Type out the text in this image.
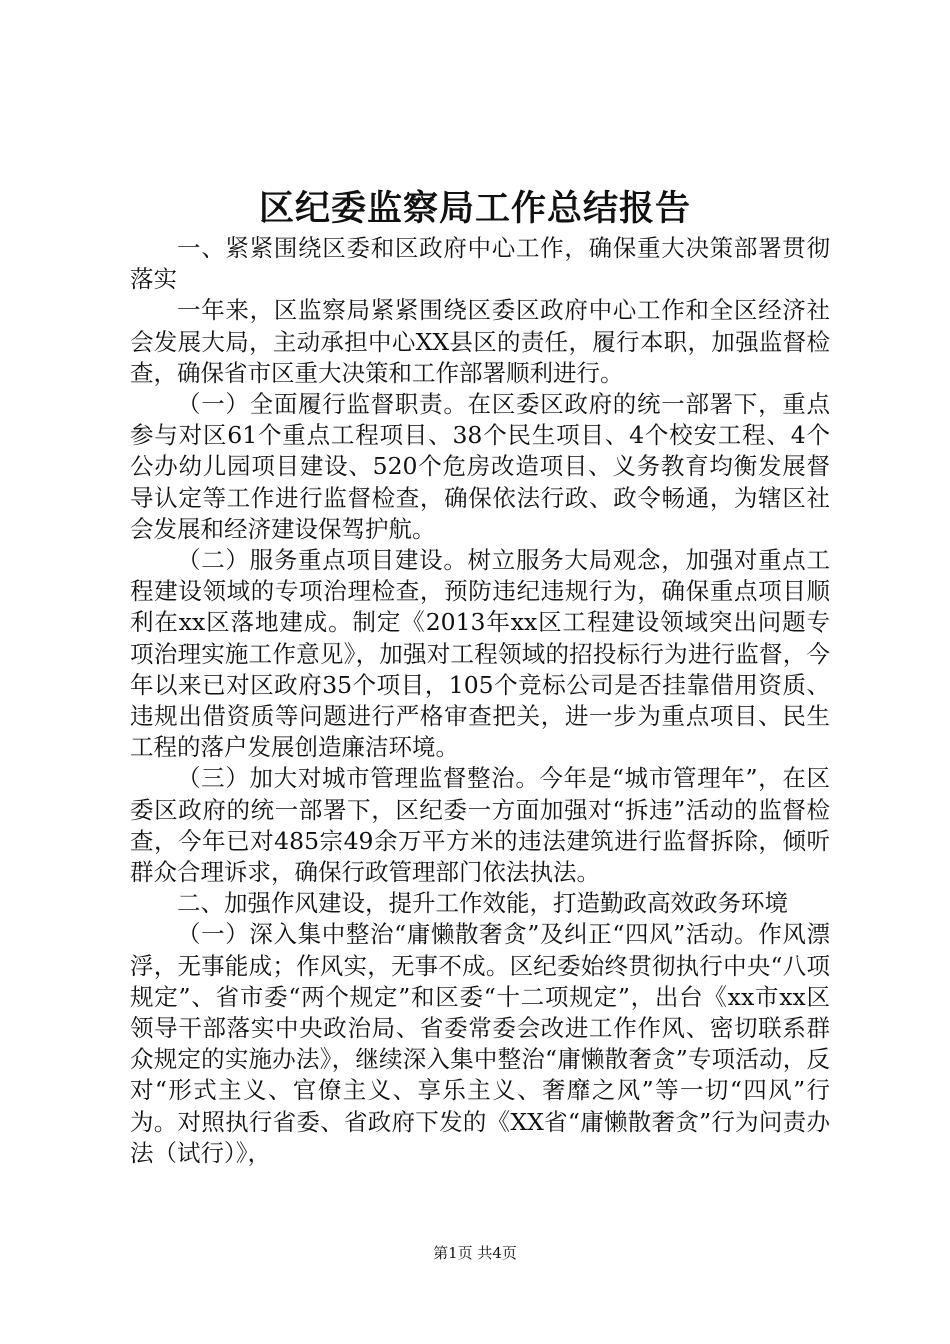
区纪委监察局工作总结报告

一、紧紧围绕区委和区政府中心工作，确保重大决策部署贯彻落实

一年来，区监察局紧紧围绕区委区政府中心工作和全区经济社会发展大局，主动承担中心XX县区的责任，履行本职，加强监督检查，确保省市区重大决策和工作部署顺利进行。

（一）全面履行监督职责。在区委区政府的统一部署下，重点参与对区61个重点工程项目、38个民生项目、4个校安工程、4个公办幼儿园项目建设、520个危房改造项目、义务教育均衡发展督导认定等工作进行监督检查，确保依法行政、政令畅通，为辖区社会发展和经济建设保驾护航。

（二）服务重点项目建设。树立服务大局观念，加强对重点工程建设领域的专项治理检查，预防违纪违规行为，确保重点项目顺利在xx区落地建成。制定《2013年xx区工程建设领域突出问题专项治理实施工作意见》，加强对工程领域的招投标行为进行监督，今年以来已对区政府35个项目，105个竞标公司是否挂靠借用资质、违规出借资质等问题进行严格审查把关，进一步为重点项目、民生工程的落户发展创造廉洁环境。

（三）加大对城市管理监督整治。今年是“城市管理年”，在区委区政府的统一部署下，区纪委一方面加强对“拆违”活动的监督检查，今年已对485宗49余万平方米的违法建筑进行监督拆除，倾听群众合理诉求，确保行政管理部门依法执法。

二、加强作风建设，提升工作效能，打造勤政高效政务环境

（一）深入集中整治“庸懒散奢贪”及纠正“四风”活动。作风漂浮，无事能成；作风实，无事不成。区纪委始终贯彻执行中央“八项规定”、省市委“两个规定”和区委“十二项规定”，出台《xx市xx区领导干部落实中央政治局、省委常委会改进工作作风、密切联系群众规定的实施办法》，继续深入集中整治“庸懒散奢贪”专项活动，反对“形式主义、官僚主义、享乐主义、奢靡之风”等一切“四风”行为。对照执行省委、省政府下发的《XX省“庸懒散奢贪”行为问责办法（试行）》，

第1页 共4页
